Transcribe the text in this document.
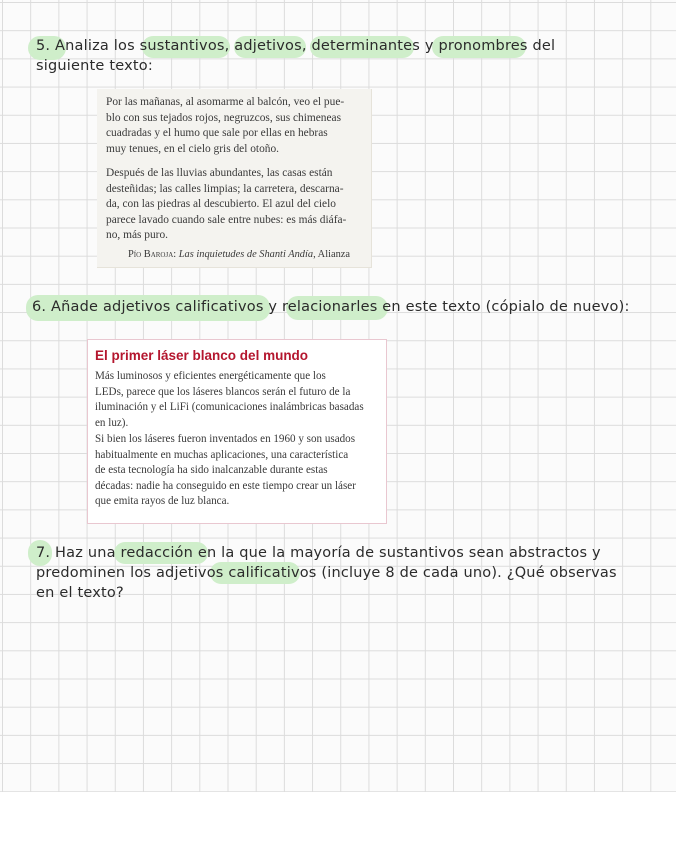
5. Analiza los sustantivos, adjetivos, determinantes y pronombres del
siguiente texto:
Por las mañanas, al asomarme al balcón, veo el pue-
blo con sus tejados rojos, negruzcos, sus chimeneas
cuadradas y el humo que sale por ellas en hebras
muy tenues, en el cielo gris del otoño.
Después de las lluvias abundantes, las casas están
desteñidas; las calles limpias; la carretera, descarna-
da, con las piedras al descubierto. El azul del cielo
parece lavado cuando sale entre nubes: es más diáfa-
no, más puro.
Pío Baroja: Las inquietudes de Shanti Andía, Alianza
6. Añade adjetivos calificativos y relacionarles en este texto (cópialo de nuevo):
El primer láser blanco del mundo
Más luminosos y eficientes energéticamente que los
LEDs, parece que los láseres blancos serán el futuro de la
iluminación y el LiFi (comunicaciones inalámbricas basadas
en luz).
Si bien los láseres fueron inventados en 1960 y son usados
habitualmente en muchas aplicaciones, una característica
de esta tecnología ha sido inalcanzable durante estas
décadas: nadie ha conseguido en este tiempo crear un láser
que emita rayos de luz blanca.
7. Haz una redacción en la que la mayoría de sustantivos sean abstractos y
predominen los adjetivos calificativos (incluye 8 de cada uno). ¿Qué observas
en el texto?
